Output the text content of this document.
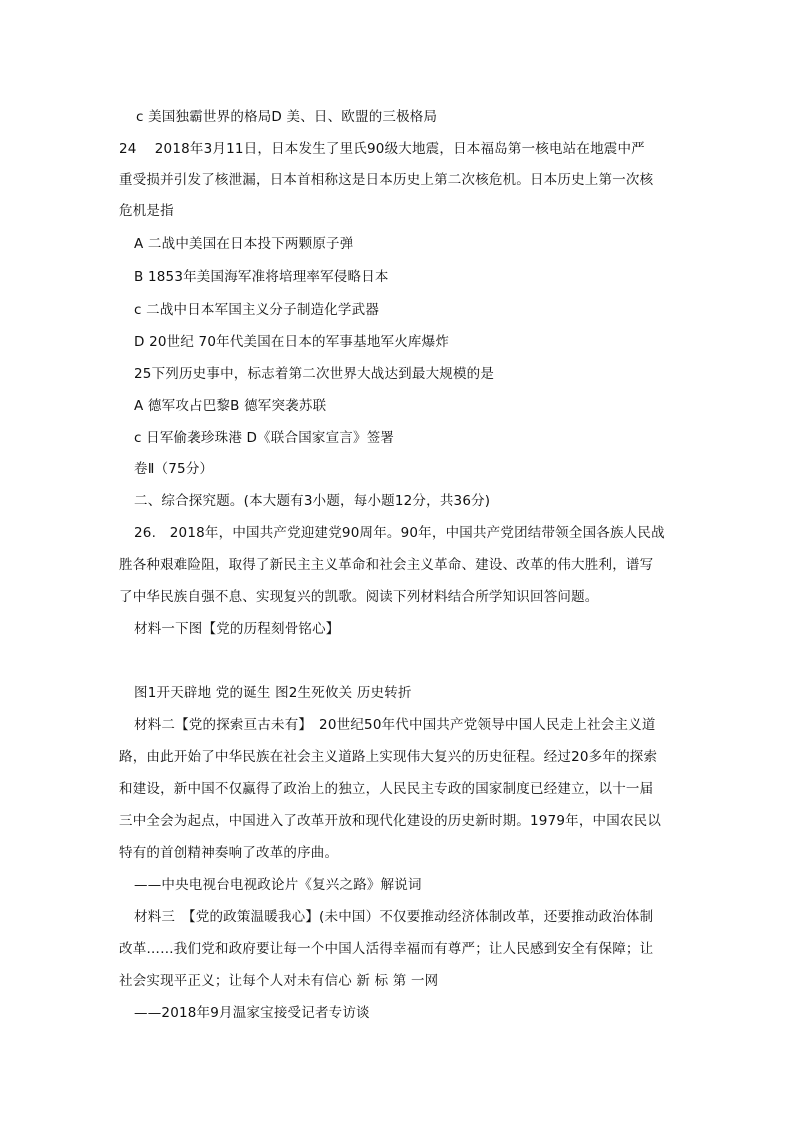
c 美国独霸世界的格局D 美、日、欧盟的三极格局
24　 2018年3月11日，日本发生了里氏90级大地震，日本福岛第一核电站在地震中严
重受损并引发了核泄漏，日本首相称这是日本历史上第二次核危机。日本历史上第一次核
危机是指
A 二战中美国在日本投下两颗原子弹
B 1853年美国海军准将培理率军侵略日本
c 二战中日本军国主义分子制造化学武器
D 20世纪 70年代美国在日本的军事基地军火库爆炸
25下列历史事中，标志着第二次世界大战达到最大规模的是
A 德军攻占巴黎B 德军突袭苏联
c 日军偷袭珍珠港 D《联合国家宣言》签署
卷Ⅱ（75分）
二、综合探究题。(本大题有3小题，每小题12分，共36分)
26.　2018年，中国共产党迎建党90周年。90年，中国共产党团结带领全国各族人民战
胜各种艰难险阻，取得了新民主主义革命和社会主义革命、建设、改革的伟大胜利，谱写
了中华民族自强不息、实现复兴的凯歌。阅读下列材料结合所学知识回答问题。
材料一下图【党的历程刻骨铭心】
图1开天辟地 党的诞生 图2生死攸关 历史转折
材料二【党的探索亘古未有】　20世纪50年代中国共产党领导中国人民走上社会主义道
路，由此开始了中华民族在社会主义道路上实现伟大复兴的历史征程。经过20多年的探索
和建设，新中国不仅赢得了政治上的独立，人民民主专政的国家制度已经建立，以十一届
三中全会为起点，中国进入了改革开放和现代化建设的历史新时期。1979年，中国农民以
特有的首创精神奏响了改革的序曲。
——中央电视台电视政论片《复兴之路》解说词
材料三　【党的政策温暖我心】(未中国）不仅要推动经济体制改革，还要推动政治体制
改革……我们党和政府要让每一个中国人活得幸福而有尊严；让人民感到安全有保障；让
社会实现平正义；让每个人对未有信心 新 标 第 一网
——2018年9月温家宝接受记者专访谈
